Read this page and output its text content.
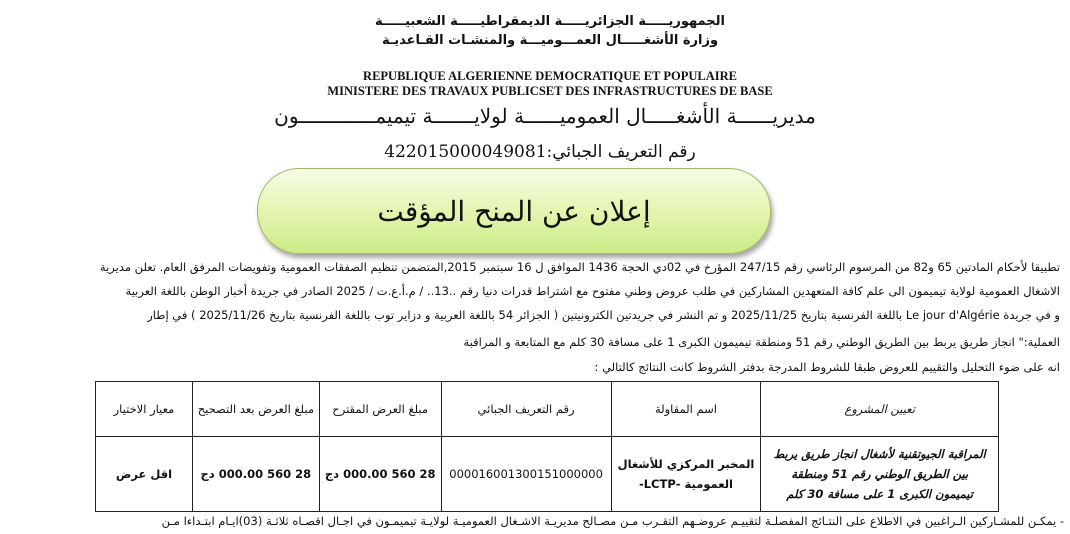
الجمهوريـــــة الجزائريـــــة الديمقراطيـــــة الشعبيـــــة
وزارة الأشغـــــال العمـــوميـــة والمنشـات القـاعديـة
REPUBLIQUE ALGERIENNE DEMOCRATIQUE ET POPULAIRE
MINISTERE DES TRAVAUX PUBLICSET DES INFRASTRUCTURES DE BASE
مديريــــــة الأشغـــــال العموميــــــة لولايـــــــة تيميمـــــــــــــون
422015000049081رقم التعريف الجبائي:
إعلان عن المنح المؤقت
تطبيقا لأحكام المادتين 65 و82 من المرسوم الرئاسي رقم 247/15 المؤرخ في 02دي الحجة 1436 الموافق ل 16 سبتمبر 2015,المتضمن تنظيم الصفقات العمومية وتفويضات المرفق العام. تعلن مديرية
الاشغال العمومية لولاية تيميمون الى علم كافة المتعهدين المشاركين في طلب عروض وطني مفتوح مع اشتراط قدرات دنيا رقم ..13.. / م.أ.ع.ت / 2025 الصادر في جريدة أخبار الوطن باللغة العربية
و في جريدة Le jour d'Algérie باللغة الفرنسية بتاريخ 2025/11/25 و تم النشر في جريدتين الكترونيتين ( الجزائر 54 باللغة العربية و دزاير توب باللغة الفرنسية بتاريخ 2025/11/26 ) في إطار
العملية:" انجاز طريق يربط بين الطريق الوطني رقم 51 ومنطقة تيميمون الكبرى 1 على مسافة 30 كلم مع المتابعة و المراقبة
انه على ضوء التحليل والتقييم للعروض طبقا للشروط المدرجة بدفتر الشروط كانت النتائج كالتالي :
تعيين المشروع	اسم المقاولة	رقم التعريف الجبائي	مبلغ العرض المقترح	مبلغ العرض بعد التصحيح	معيار الاختيار
المراقبة الجيوتقنية لأشغال انجاز طريق يربط بين الطريق الوطني رقم 51 ومنطقة تيميمون الكبرى 1 على مسافة 30 كلم	المخبر المركزي للأشغال العمومية -LCTP-	000016001300151000000	28 560 000.00 دج	28 560 000.00 دج	اقل عرض
- يمكـن للمشـاركين الـراغبين في الاطلاع على النتـائج المفصلـة لتقييـم عروضـهم التقـرب مـن مصـالح مديريـة الاشـغال العموميـة لولايـة تيميمـون في اجـال اقصـاه ثلاثـة (03)ايـام ابتـداءا مـن
